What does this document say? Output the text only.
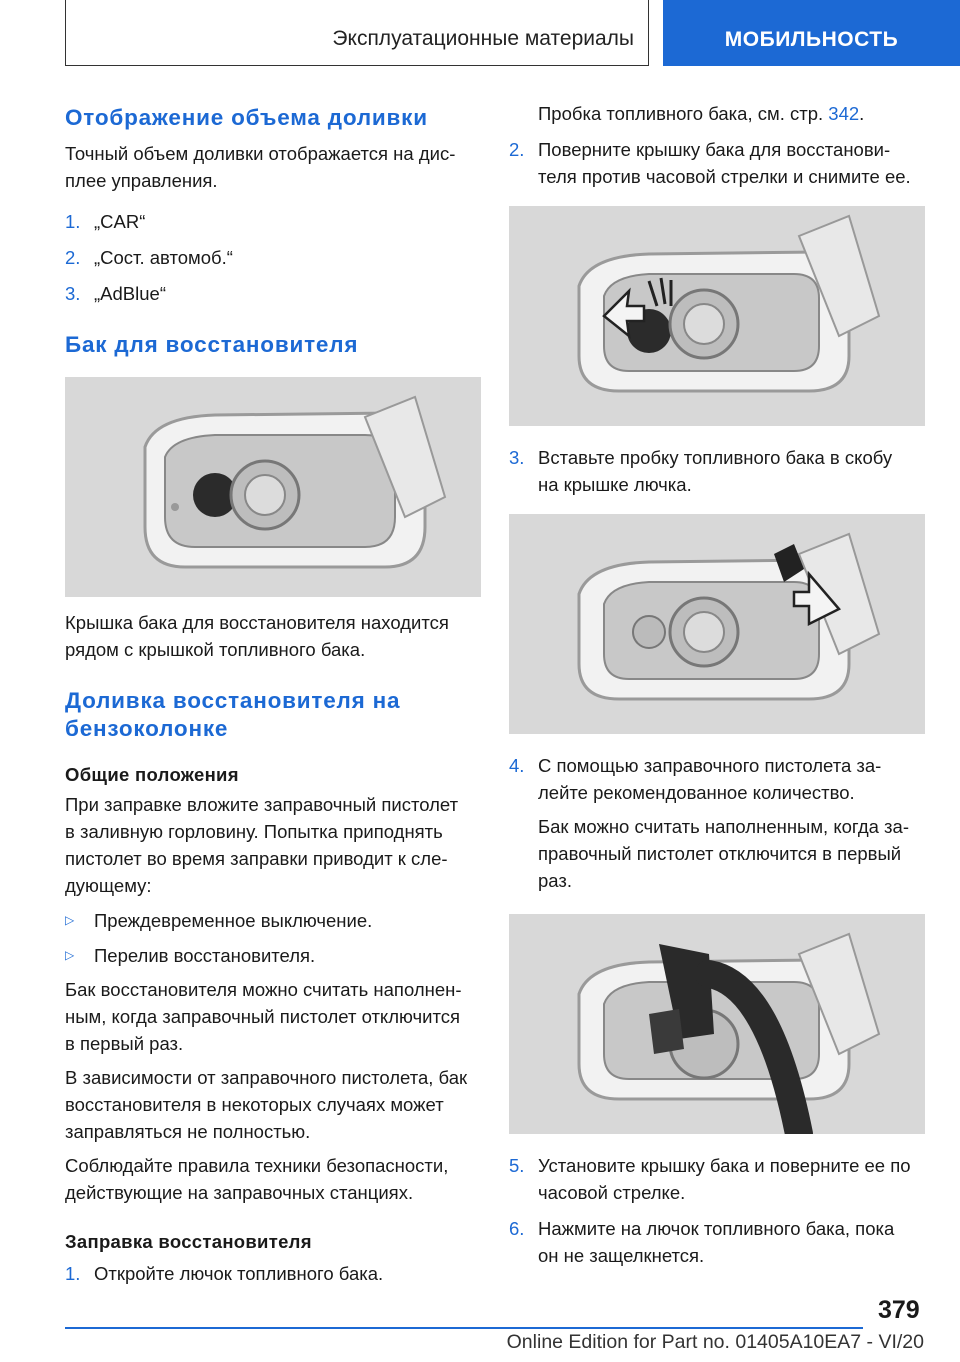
Эксплуатационные материалы	МОБИЛЬНОСТЬ
Отображение объема доливки

Точный объем доливки отображается на дис-
плее управления.

1. „CAR“
2. „Сост. автомоб.“
3. „AdBlue“
Бак для восстановителя

Крышка бака для восстановителя находится
рядом с крышкой топливного бака.

Доливка восстановителя на
бензоколонке
Общие положения

При заправке вложите заправочный пистолет
в заливную горловину. Попытка приподнять
пистолет во время заправки приводит к сле-
дующему:

▷ Преждевременное выключение.
▷ Перелив восстановителя.

Бак восстановителя можно считать наполнен-
ным, когда заправочный пистолет отключится
в первый раз.

В зависимости от заправочного пистолета, бак
восстановителя в некоторых случаях может
заправляться не полностью.

Соблюдайте правила техники безопасности,
действующие на заправочных станциях.

Заправка восстановителя
1. Откройте лючок топливного бака.
Пробка топливного бака, см. стр. 342.
2. Поверните крышку бака для восстанови-
теля против часовой стрелки и снимите ее.
3. Вставьте пробку топливного бака в скобу
на крышке лючка.
4. С помощью заправочного пистолета за-
лейте рекомендованное количество.
Бак можно считать наполненным, когда за-
правочный пистолет отключится в первый
раз.
5. Установите крышку бака и поверните ее по
часовой стрелке.
6. Нажмите на лючок топливного бака, пока
он не защелкнется.
379
Online Edition for Part no. 01405A10EA7 - VI/20
